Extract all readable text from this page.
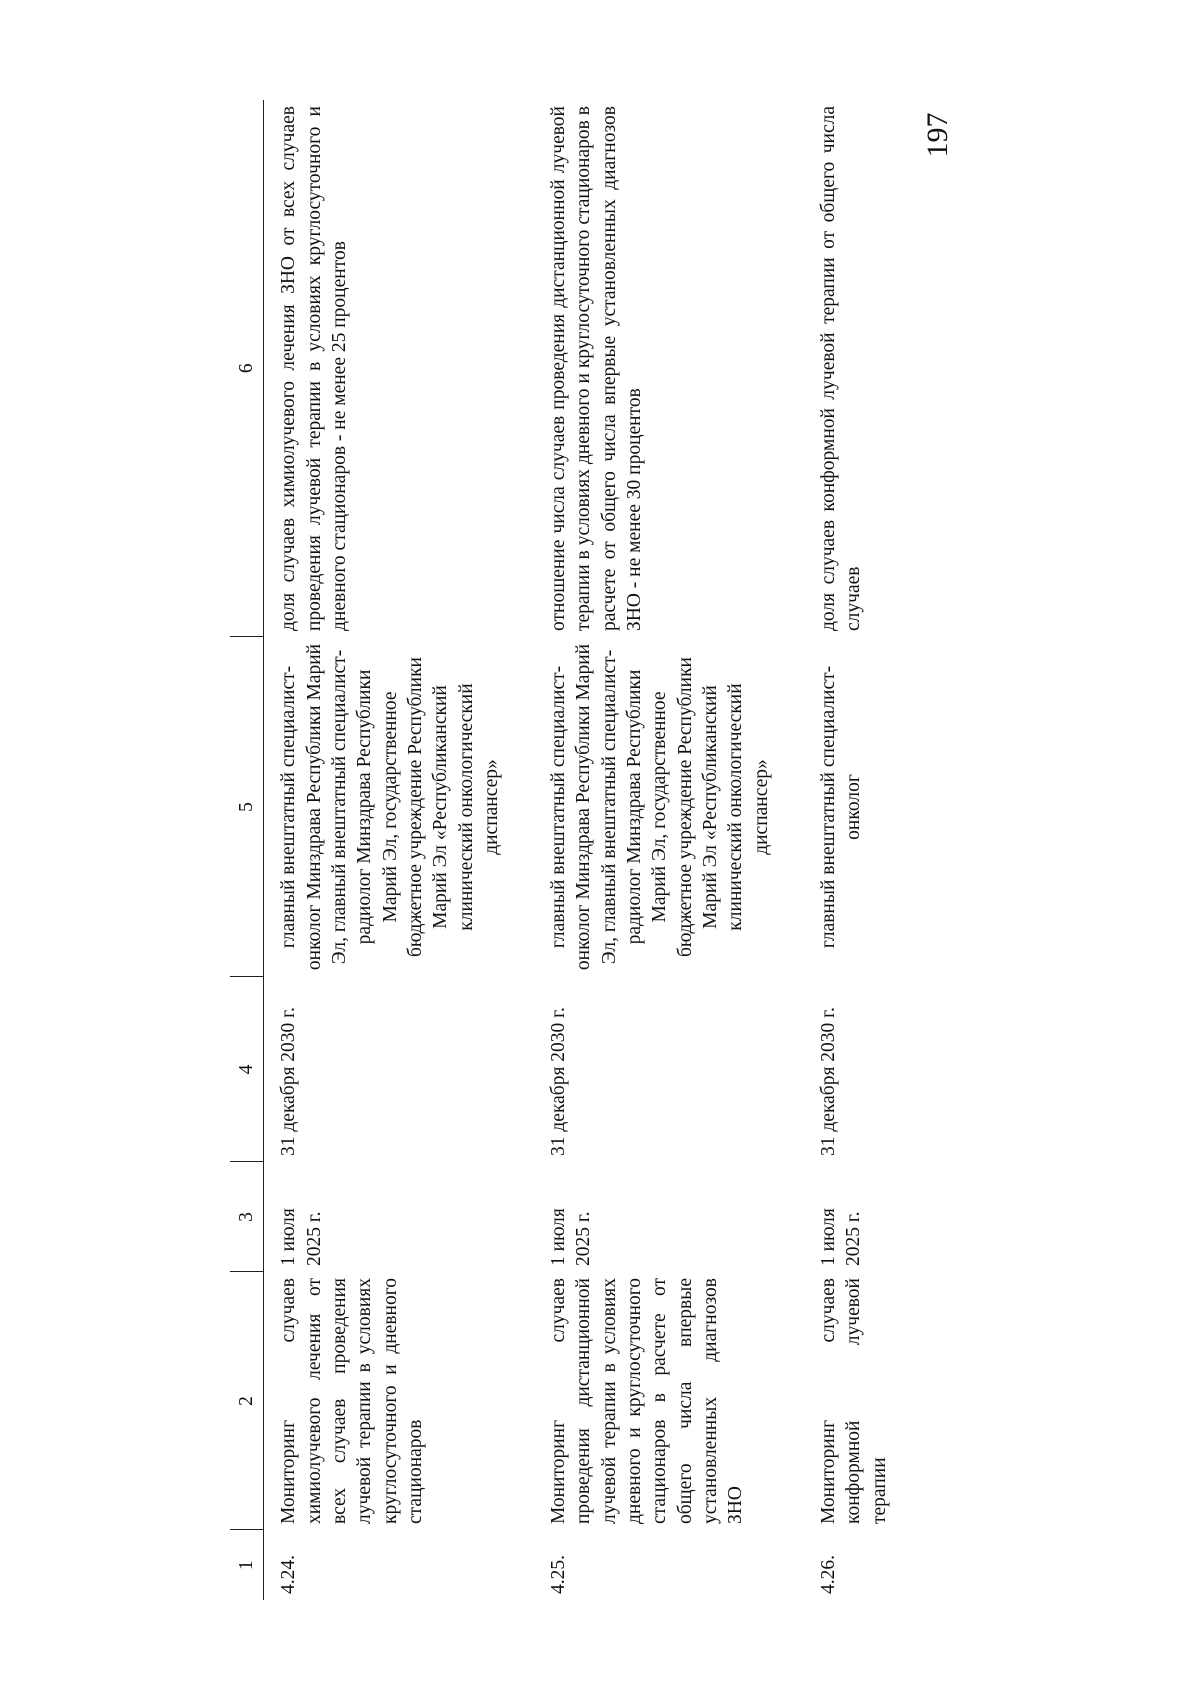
197
1	2	3	4	5	6
4.24.	Мониторинг случаев химиолучевого лечения от всех случаев проведения лучевой терапии в условиях круглосуточного и дневного стационаров	1 июля 2025 г.	31 декабря 2030 г.	главный внештатный специалист-онколог Минздрава Республики Марий Эл, главный внештатный специалист-радиолог Минздрава Республики Марий Эл, государственное бюджетное учреждение Республики Марий Эл «Республиканский клинический онкологический диспансер»	доля случаев химиолучевого лечения ЗНО от всех случаев проведения лучевой терапии в условиях круглосуточного и дневного стационаров - не менее 25 процентов
4.25.	Мониторинг случаев проведения дистанционной лучевой терапии в условиях дневного и круглосуточного стационаров в расчете от общего числа впервые установленных диагнозов ЗНО	1 июля 2025 г.	31 декабря 2030 г.	главный внештатный специалист-онколог Минздрава Республики Марий Эл, главный внештатный специалист-радиолог Минздрава Республики Марий Эл, государственное бюджетное учреждение Республики Марий Эл «Республиканский клинический онкологический диспансер»	отношение числа случаев проведения дистанционной лучевой терапии в условиях дневного и круглосуточного стационаров в расчете от общего числа впервые установленных диагнозов ЗНО - не менее 30 процентов
4.26.	Мониторинг случаев конформной лучевой терапии	1 июля 2025 г.	31 декабря 2030 г.	главный внештатный специалист-онколог	доля случаев конформной лучевой терапии от общего числа случаев
